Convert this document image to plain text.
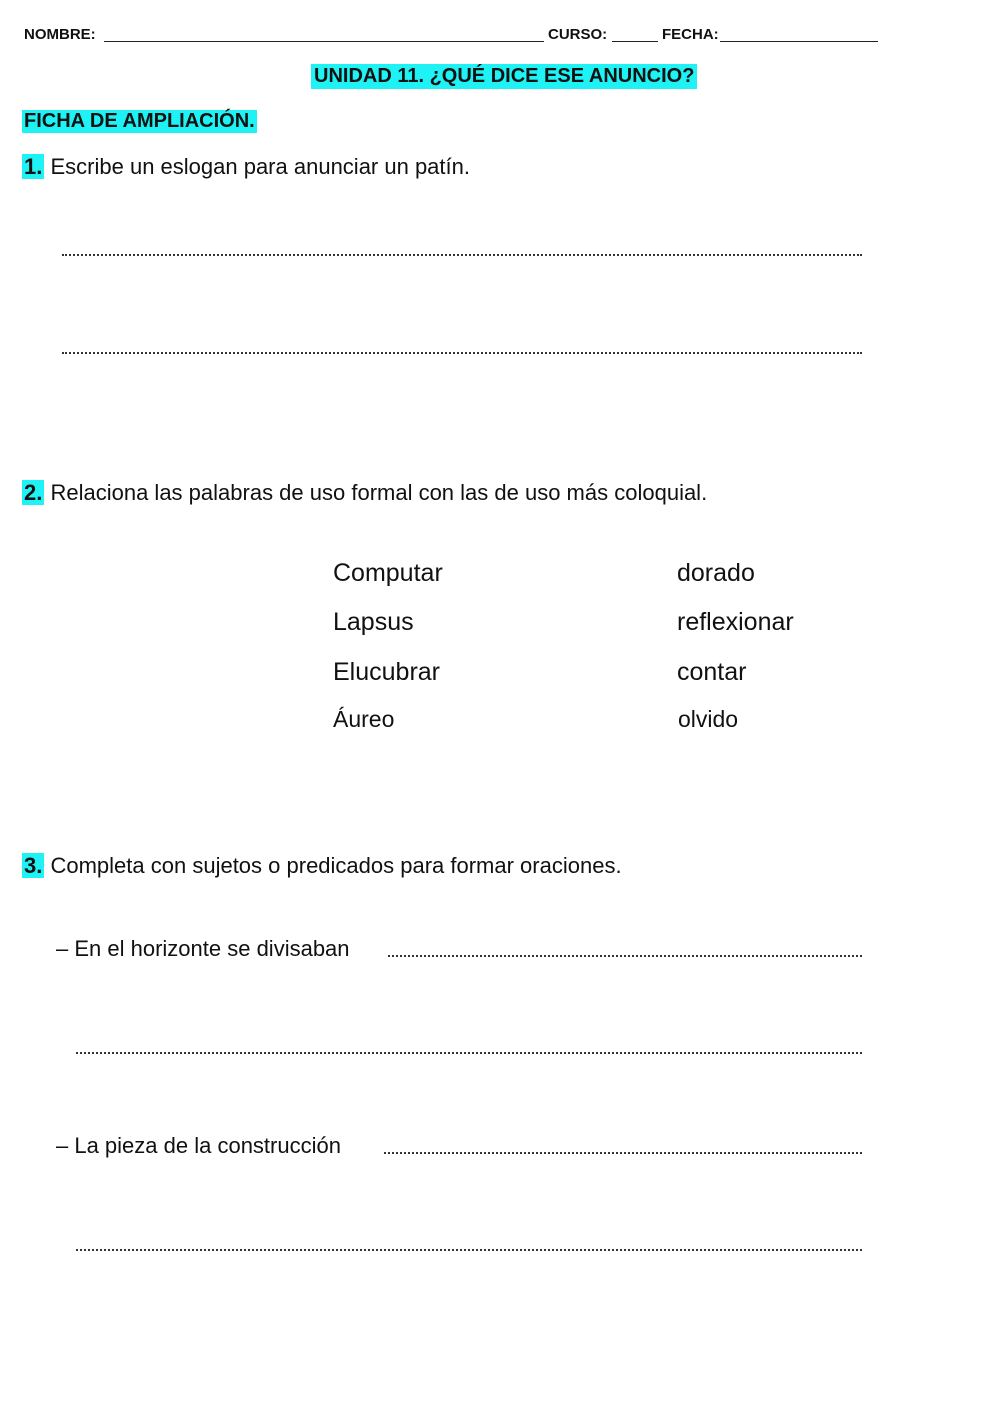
NOMBRE:	CURSO:	FECHA:
UNIDAD 11. ¿QUÉ DICE ESE ANUNCIO?
FICHA DE AMPLIACIÓN.
1. Escribe un eslogan para anunciar un patín.
2. Relaciona las palabras de uso formal con las de uso más coloquial.
Computar
Lapsus
Elucubrar
Áureo
dorado
reflexionar
contar
olvido
3. Completa con sujetos o predicados para formar oraciones.
‒ En el horizonte se divisaban
‒ La pieza de la construcción
